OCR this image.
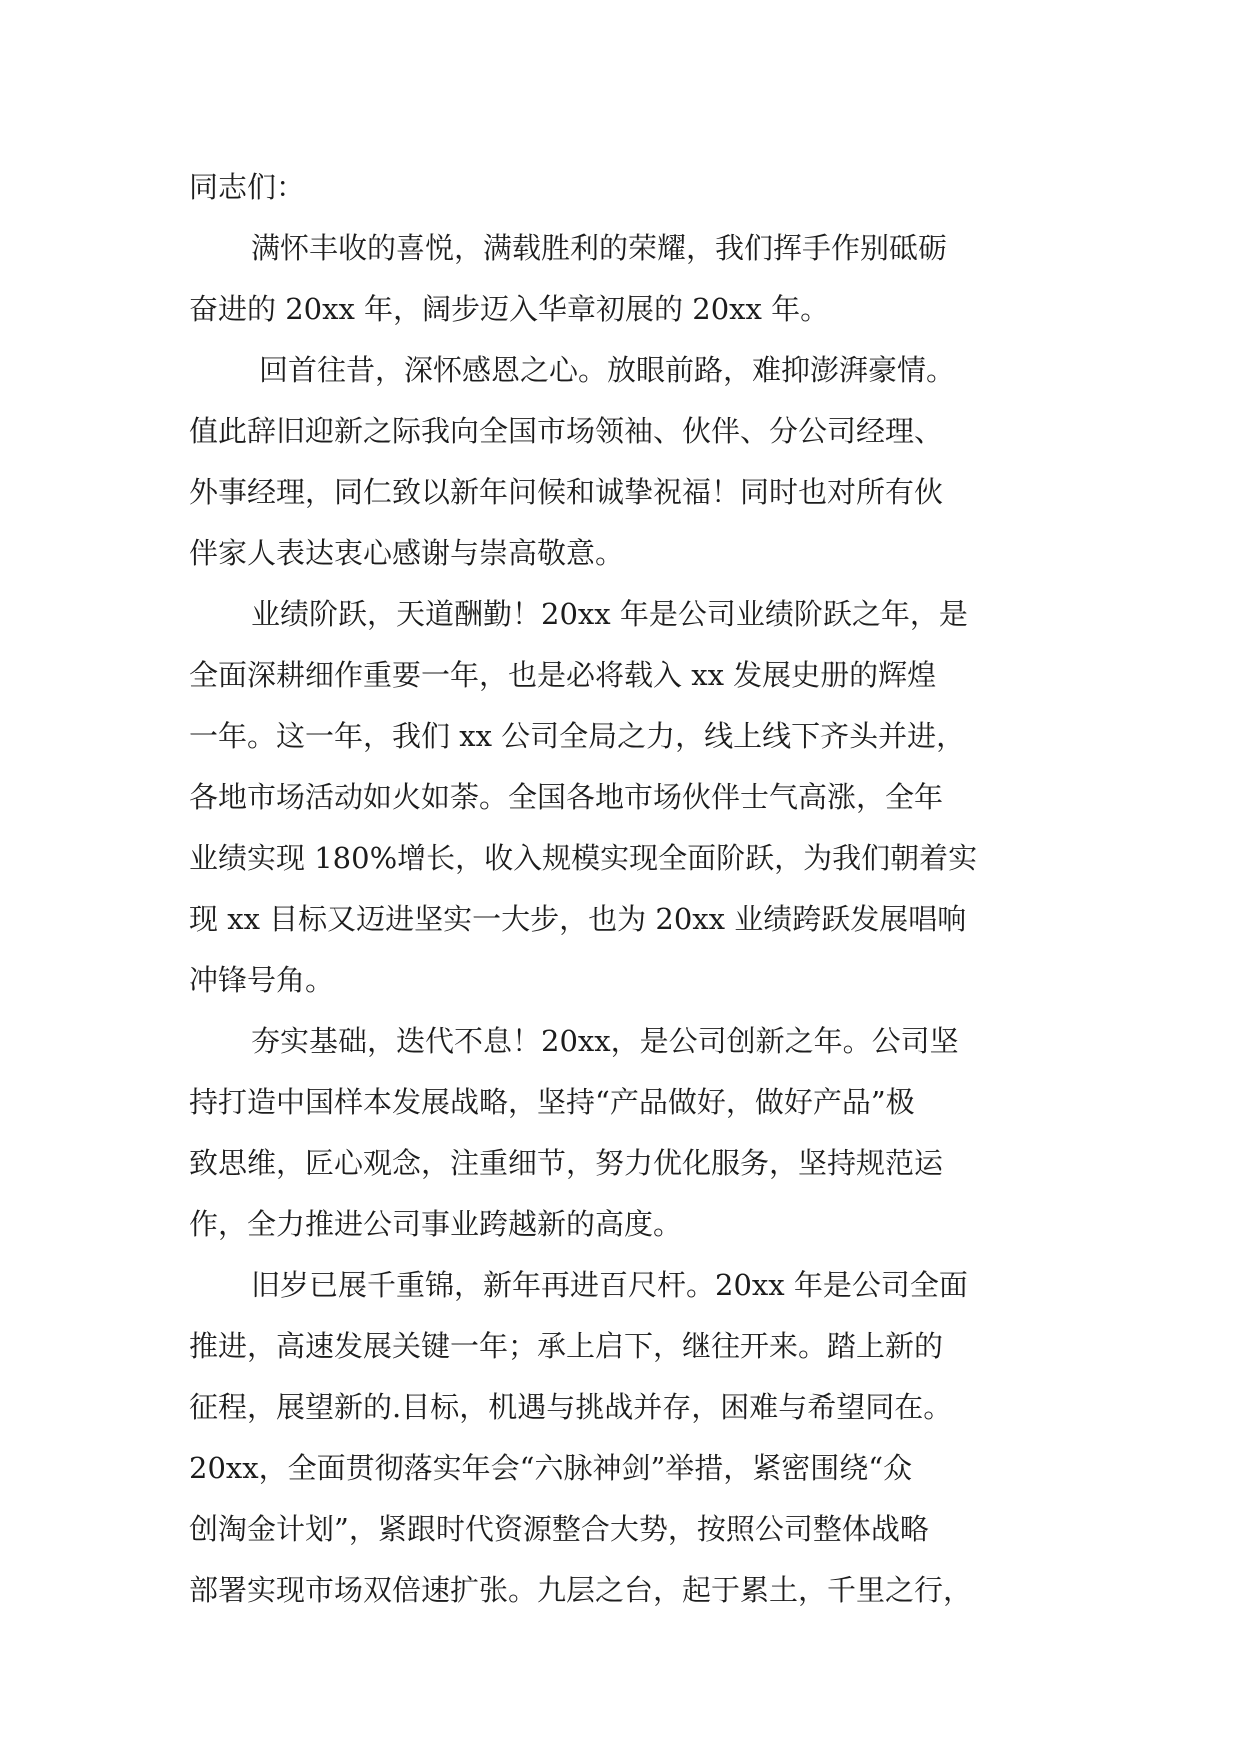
同志们：
满怀丰收的喜悦，满载胜利的荣耀，我们挥手作别砥砺
奋进的 20xx 年，阔步迈入华章初展的 20xx 年。
回首往昔，深怀感恩之心。放眼前路，难抑澎湃豪情。
值此辞旧迎新之际我向全国市场领袖、伙伴、分公司经理、
外事经理，同仁致以新年问候和诚挚祝福！同时也对所有伙
伴家人表达衷心感谢与崇高敬意。
业绩阶跃，天道酬勤！20xx 年是公司业绩阶跃之年，是
全面深耕细作重要一年，也是必将载入 xx 发展史册的辉煌
一年。这一年，我们 xx 公司全局之力，线上线下齐头并进，
各地市场活动如火如荼。全国各地市场伙伴士气高涨，全年
业绩实现 180%增长，收入规模实现全面阶跃，为我们朝着实
现 xx 目标又迈进坚实一大步，也为 20xx 业绩跨跃发展唱响
冲锋号角。
夯实基础，迭代不息！20xx，是公司创新之年。公司坚
持打造中国样本发展战略，坚持“产品做好，做好产品”极
致思维，匠心观念，注重细节，努力优化服务，坚持规范运
作，全力推进公司事业跨越新的高度。
旧岁已展千重锦，新年再进百尺杆。20xx 年是公司全面
推进，高速发展关键一年；承上启下，继往开来。踏上新的
征程，展望新的.目标，机遇与挑战并存，困难与希望同在。
20xx，全面贯彻落实年会“六脉神剑”举措，紧密围绕“众
创淘金计划”，紧跟时代资源整合大势，按照公司整体战略
部署实现市场双倍速扩张。九层之台，起于累土，千里之行，
